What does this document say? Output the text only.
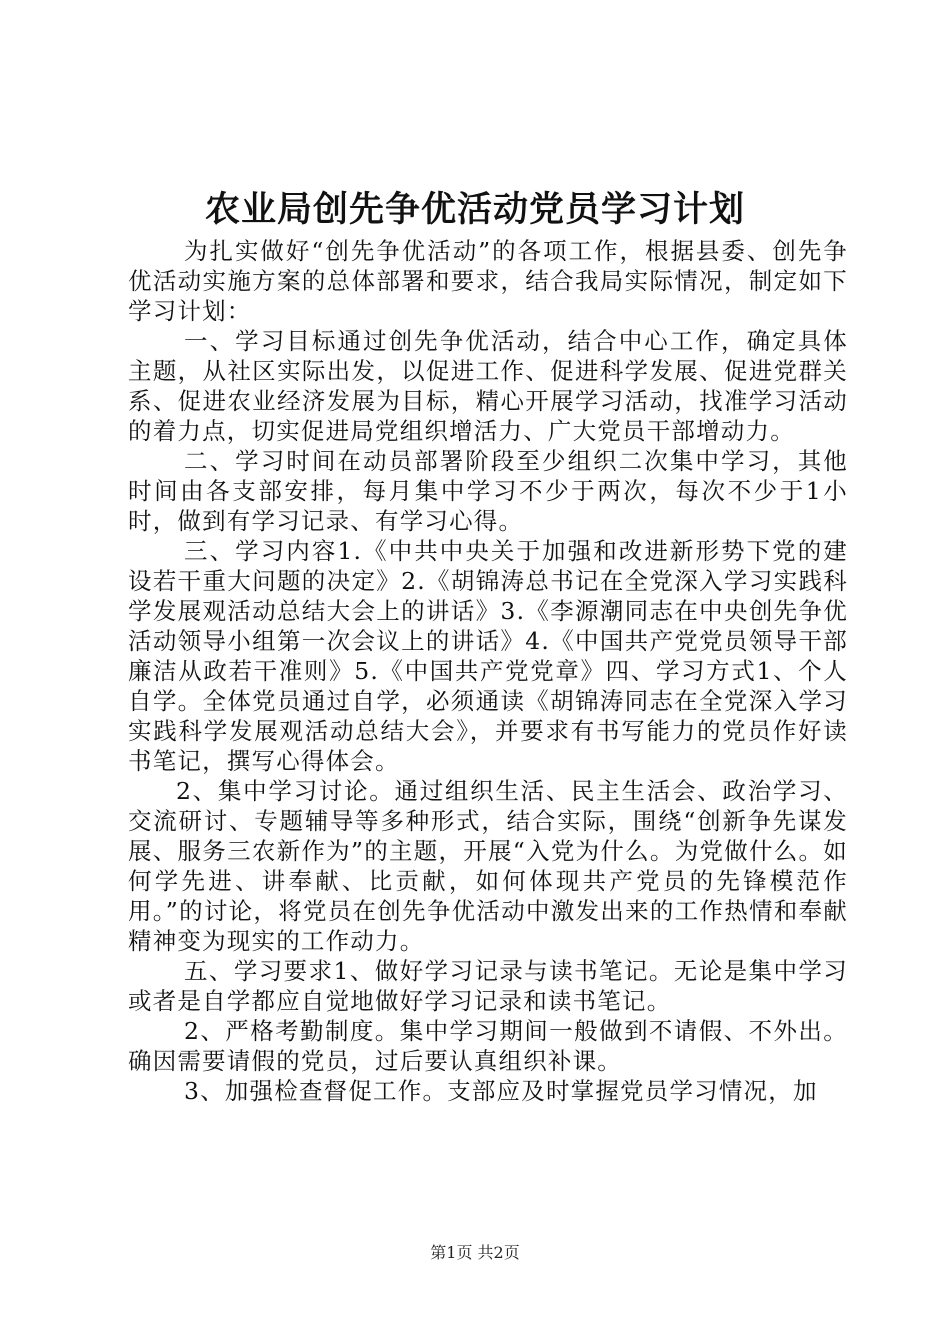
农业局创先争优活动党员学习计划

为扎实做好“创先争优活动”的各项工作，根据县委、创先争优活动实施方案的总体部署和要求，结合我局实际情况，制定如下学习计划：

一、学习目标通过创先争优活动，结合中心工作，确定具体主题，从社区实际出发，以促进工作、促进科学发展、促进党群关系、促进农业经济发展为目标，精心开展学习活动，找准学习活动的着力点，切实促进局党组织增活力、广大党员干部增动力。

二、学习时间在动员部署阶段至少组织二次集中学习，其他时间由各支部安排，每月集中学习不少于两次，每次不少于1小时，做到有学习记录、有学习心得。

三、学习内容1.《中共中央关于加强和改进新形势下党的建设若干重大问题的决定》2.《胡锦涛总书记在全党深入学习实践科学发展观活动总结大会上的讲话》3.《李源潮同志在中央创先争优活动领导小组第一次会议上的讲话》4.《中国共产党党员领导干部廉洁从政若干准则》5.《中国共产党党章》四、学习方式1、个人自学。全体党员通过自学，必须通读《胡锦涛同志在全党深入学习实践科学发展观活动总结大会》，并要求有书写能力的党员作好读书笔记，撰写心得体会。

2、集中学习讨论。通过组织生活、民主生活会、政治学习、交流研讨、专题辅导等多种形式，结合实际，围绕“创新争先谋发展、服务三农新作为”的主题，开展“入党为什么。为党做什么。如何学先进、讲奉献、比贡献，如何体现共产党员的先锋模范作用。”的讨论，将党员在创先争优活动中激发出来的工作热情和奉献精神变为现实的工作动力。

五、学习要求1、做好学习记录与读书笔记。无论是集中学习或者是自学都应自觉地做好学习记录和读书笔记。

2、严格考勤制度。集中学习期间一般做到不请假、不外出。确因需要请假的党员，过后要认真组织补课。

3、加强检查督促工作。支部应及时掌握党员学习情况，加

第1页 共2页
